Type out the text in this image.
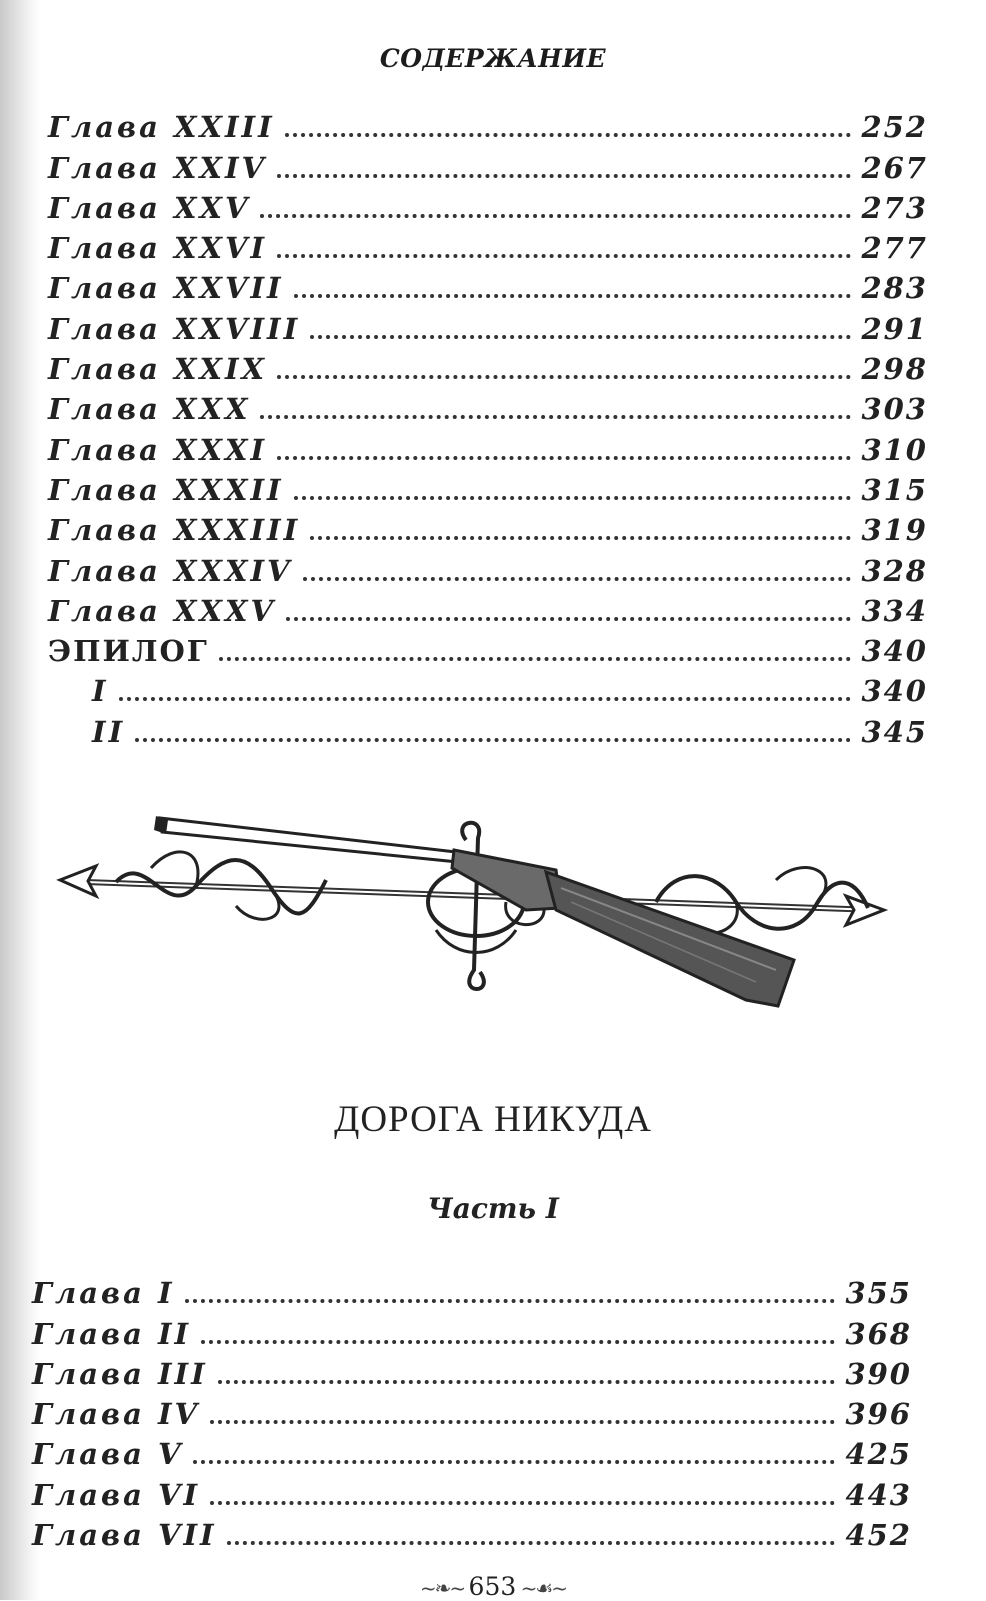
СОДЕРЖАНИЕ
Глава XXIII	252
Глава XXIV	267
Глава XXV	273
Глава XXVI	277
Глава XXVII	283
Глава XXVIII	291
Глава XXIX	298
Глава XXX	303
Глава XXXI	310
Глава XXXII	315
Глава XXXIII	319
Глава XXXIV	328
Глава XXXV	334
ЭПИЛОГ	340
I	340
II	345
ДОРОГА НИКУДА
Часть I
Глава I	355
Глава II	368
Глава III	390
Глава IV	396
Глава V	425
Глава VI	443
Глава VII	452
~❧~ 653 ~☙~
